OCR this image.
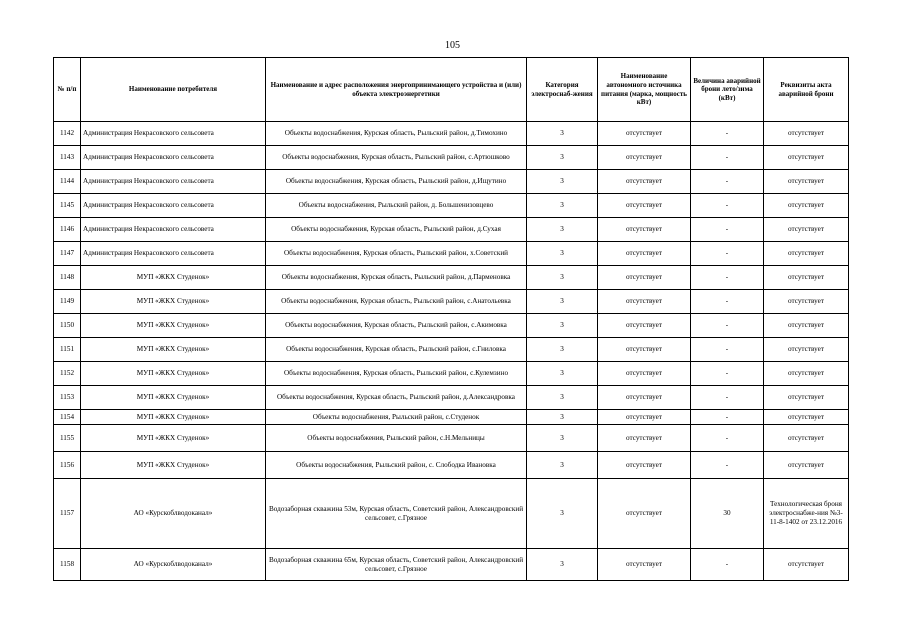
105
№ п/п	Наименование потребителя	Наименование и адрес расположения энергопринимающего устройства и (или) объекта электроэнергетики	Категория электроснаб-жения	Наименование автономного источника питания (марка, мощность кВт)	Величина аварийной брони лето/зима (кВт)	Реквизиты акта аварийной брони
1142	Администрация Некрасовского сельсовета	Объекты водоснабжения, Курская область, Рыльский район, д.Тимохино	3	отсутствует	-	отсутствует
1143	Администрация Некрасовского сельсовета	Объекты водоснабжения, Курская область, Рыльский район, с.Артюшково	3	отсутствует	-	отсутствует
1144	Администрация Некрасовского сельсовета	Объекты водоснабжения, Курская область, Рыльский район, д.Ищутино	3	отсутствует	-	отсутствует
1145	Администрация Некрасовского сельсовета	Объекты водоснабжения, Рыльский район, д. Большенизовцево	3	отсутствует	-	отсутствует
1146	Администрация Некрасовского сельсовета	Объекты водоснабжения, Курская область, Рыльский район, д.Сухая	3	отсутствует	-	отсутствует
1147	Администрация Некрасовского сельсовета	Объекты водоснабжения, Курская область, Рыльский район, х.Советский	3	отсутствует	-	отсутствует
1148	МУП «ЖКХ Студенок»	Объекты водоснабжения, Курская область, Рыльский район, д.Парменовка	3	отсутствует	-	отсутствует
1149	МУП «ЖКХ Студенок»	Объекты водоснабжения, Курская область, Рыльский район, с.Анатольевка	3	отсутствует	-	отсутствует
1150	МУП «ЖКХ Студенок»	Объекты водоснабжения, Курская область, Рыльский район, с.Акимовка	3	отсутствует	-	отсутствует
1151	МУП «ЖКХ Студенок»	Объекты водоснабжения, Курская область, Рыльский район, с.Гниловка	3	отсутствует	-	отсутствует
1152	МУП «ЖКХ Студенок»	Объекты водоснабжения, Курская область, Рыльский район, с.Кулемзино	3	отсутствует	-	отсутствует
1153	МУП «ЖКХ Студенок»	Объекты водоснабжения, Курская область, Рыльский район, д.Александровка	3	отсутствует	-	отсутствует
1154	МУП «ЖКХ Студенок»	Объекты водоснабжения, Рыльский район, с.Студенок	3	отсутствует	-	отсутствует
1155	МУП «ЖКХ Студенок»	Объекты водоснабжения, Рыльский район, с.Н.Мельницы	3	отсутствует	-	отсутствует
1156	МУП «ЖКХ Студенок»	Объекты водоснабжения, Рыльский район, с. Слободка Ивановка	3	отсутствует	-	отсутствует
1157	АО «Курскоблводоканал»	Водозаборная скважина 53м, Курская область, Советский район, Александровский сельсовет, с.Грязное	3	отсутствует	30	Технологическая броня электроснабже-ния №3-11-8-1402 от 23.12.2016
1158	АО «Курскоблводоканал»	Водозаборная скважина 65м, Курская область, Советский район, Александровский сельсовет, с.Грязное	3	отсутствует	-	отсутствует
